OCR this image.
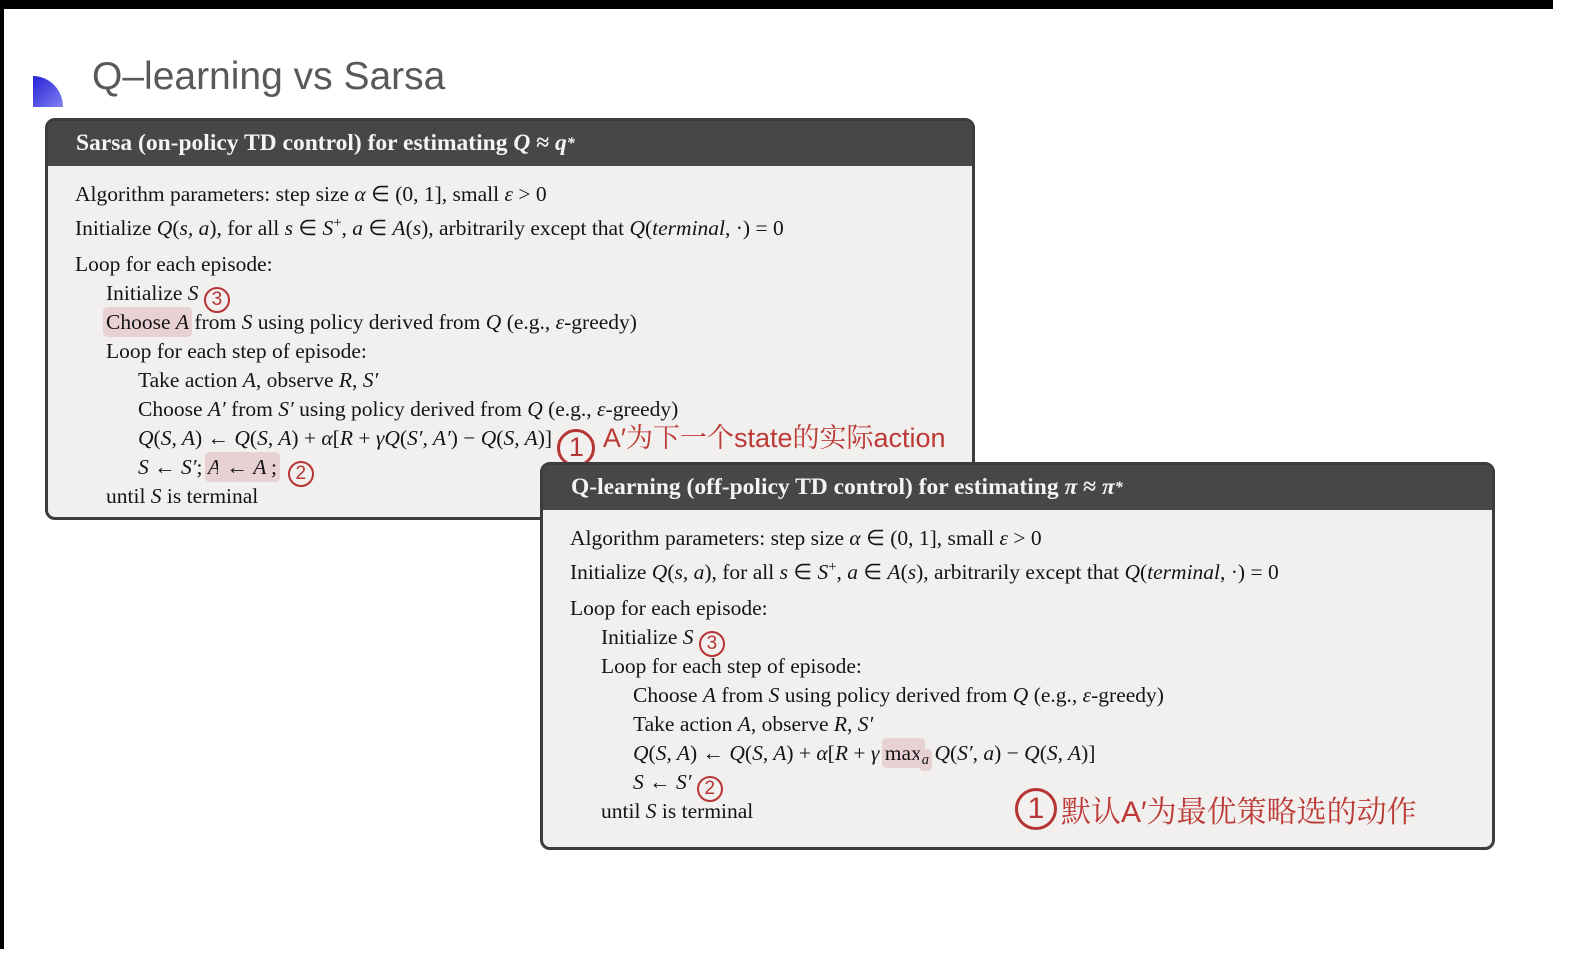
Q–learning vs Sarsa
Sarsa (on-policy TD control) for estimating Q ≈ q *
Algorithm parameters: step size α ∈ (0, 1], small ε > 0
Initialize Q(s, a), for all s ∈ S+, a ∈ A(s), arbitrarily except that Q(terminal, ·) = 0
Loop for each episode:
Initialize S 3
Choose A from S using policy derived from Q (e.g., ε-greedy)
Loop for each step of episode:
Take action A, observe R, S′
Choose A′ from S′ using policy derived from Q (e.g., ε-greedy)
Q(S, A) ← Q(S, A) + α[R + γQ(S′, A′) − Q(S, A)] 1 A′为下一个state的实际action
S ← S′; A ← A′; 2
until S is terminal	Q-learning (off-policy TD control) for estimating π ≈ π *
Algorithm parameters: step size α ∈ (0, 1], small ε > 0
Initialize Q(s, a), for all s ∈ S+, a ∈ A(s), arbitrarily except that Q(terminal, ·) = 0
Loop for each episode:
Initialize S 3
Loop for each step of episode:
Choose A from S using policy derived from Q (e.g., ε-greedy)
Take action A, observe R, S′
Q(S, A) ← Q(S, A) + α[R + γ $\max_a Q(S'$, a) − Q(S, A)]
S ← S′ 2
until S is terminal	1 默认A′为最优策略选的动作
